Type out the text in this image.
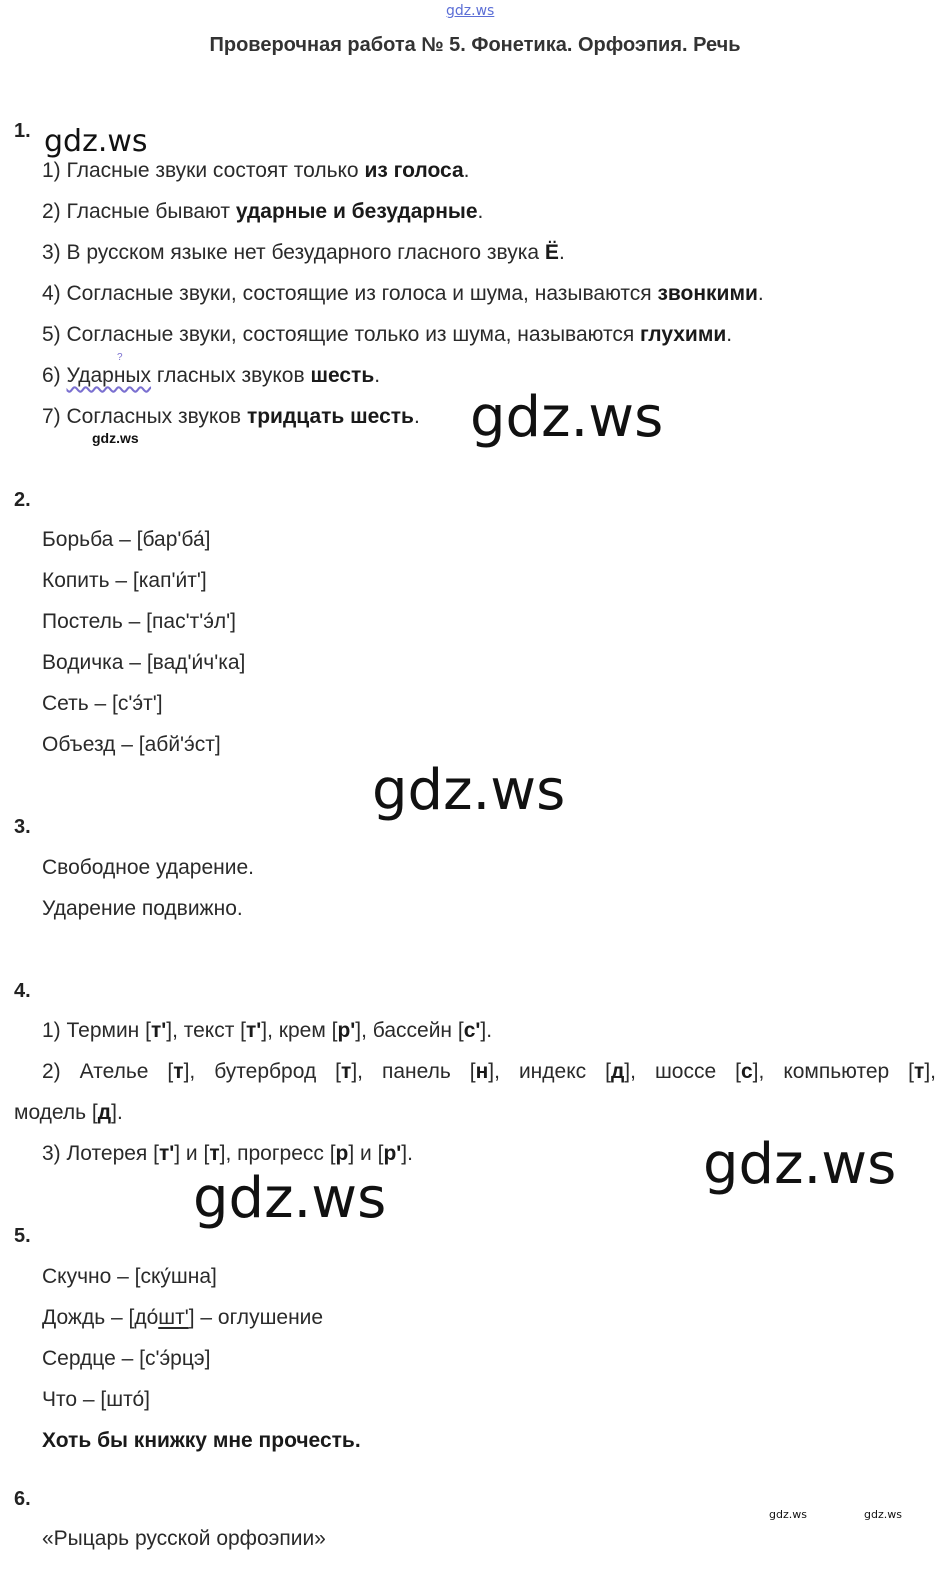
gdz.ws
gdz.ws
gdz.ws
gdz.ws
gdz.ws
gdz.ws
gdz.ws
gdz.ws	gdz.ws
Проверочная работа № 5. Фонетика. Орфоэпия. Речь
1.
1) Гласные звуки состоят только из голоса.
2) Гласные бывают ударные и безударные.
3) В русском языке нет безударного гласного звука Ё.
4) Согласные звуки, состоящие из голоса и шума, называются звонкими.
5) Согласные звуки, состоящие только из шума, называются глухими.
?
6) Ударных гласных звуков шесть.
7) Согласных звуков тридцать шесть.
2.
Борьба – [бар'ба́]
Копить – [кап'и́т']
Постель – [пас'т'э́л']
Водичка – [вад'и́ч'ка]
Сеть – [с'э́т']
Объезд – [абй'э́ст]
3.
Свободное ударение.
Ударение подвижно.
4.
1) Термин [т'], текст [т'], крем [р'], бассейн [с'].
2) Ателье [т], бутерброд [т], панель [н], индекс [д], шоссе [с], компьютер [т],
модель [д].
3) Лотерея [т'] и [т], прогресс [р] и [р'].
5.
Скучно – [ску́шна]
Дождь – [до́шт'] – оглушение
Сердце – [с'э́рцэ]
Что – [што́]
Хоть бы книжку мне прочесть.
6.
«Рыцарь русской орфоэпии»
